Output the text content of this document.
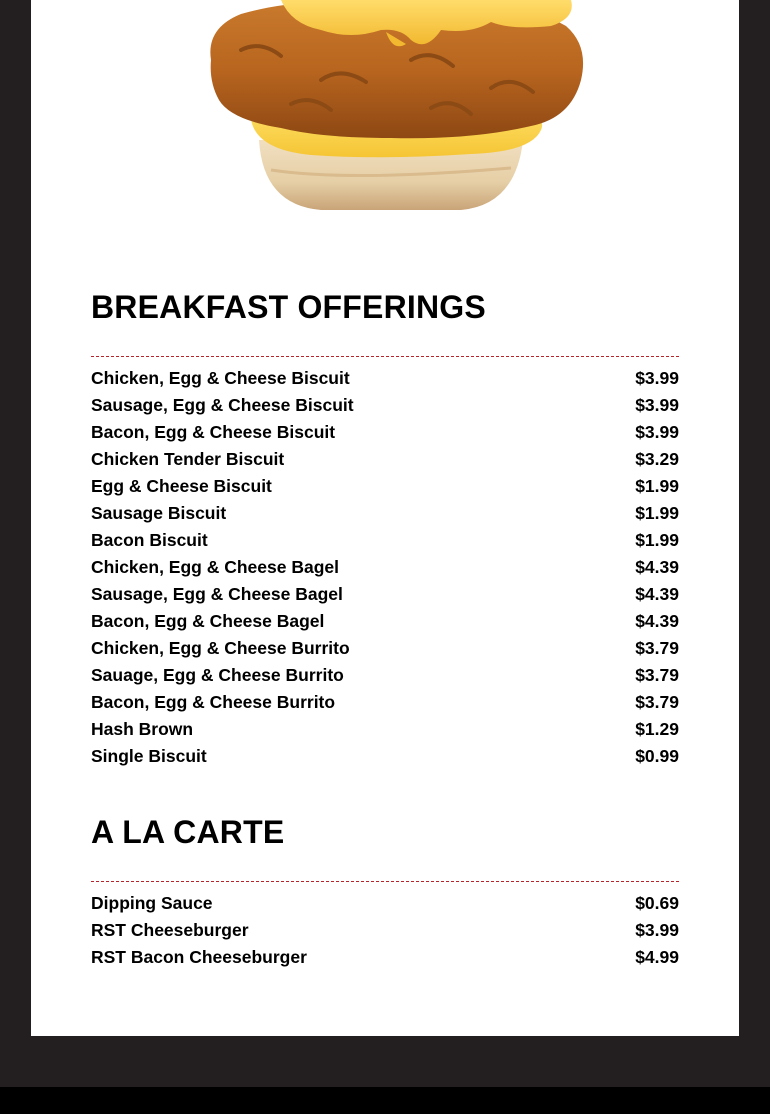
BREAKFAST OFFERINGS
Chicken, Egg & Cheese Biscuit	$3.99
Sausage, Egg & Cheese Biscuit	$3.99
Bacon, Egg & Cheese Biscuit	$3.99
Chicken Tender Biscuit	$3.29
Egg & Cheese Biscuit	$1.99
Sausage Biscuit	$1.99
Bacon Biscuit	$1.99
Chicken, Egg & Cheese Bagel	$4.39
Sausage, Egg & Cheese Bagel	$4.39
Bacon, Egg & Cheese Bagel	$4.39
Chicken, Egg & Cheese Burrito	$3.79
Sauage, Egg & Cheese Burrito	$3.79
Bacon, Egg & Cheese Burrito	$3.79
Hash Brown	$1.29
Single Biscuit	$0.99
A LA CARTE
Dipping Sauce	$0.69
RST Cheeseburger	$3.99
RST Bacon Cheeseburger	$4.99
